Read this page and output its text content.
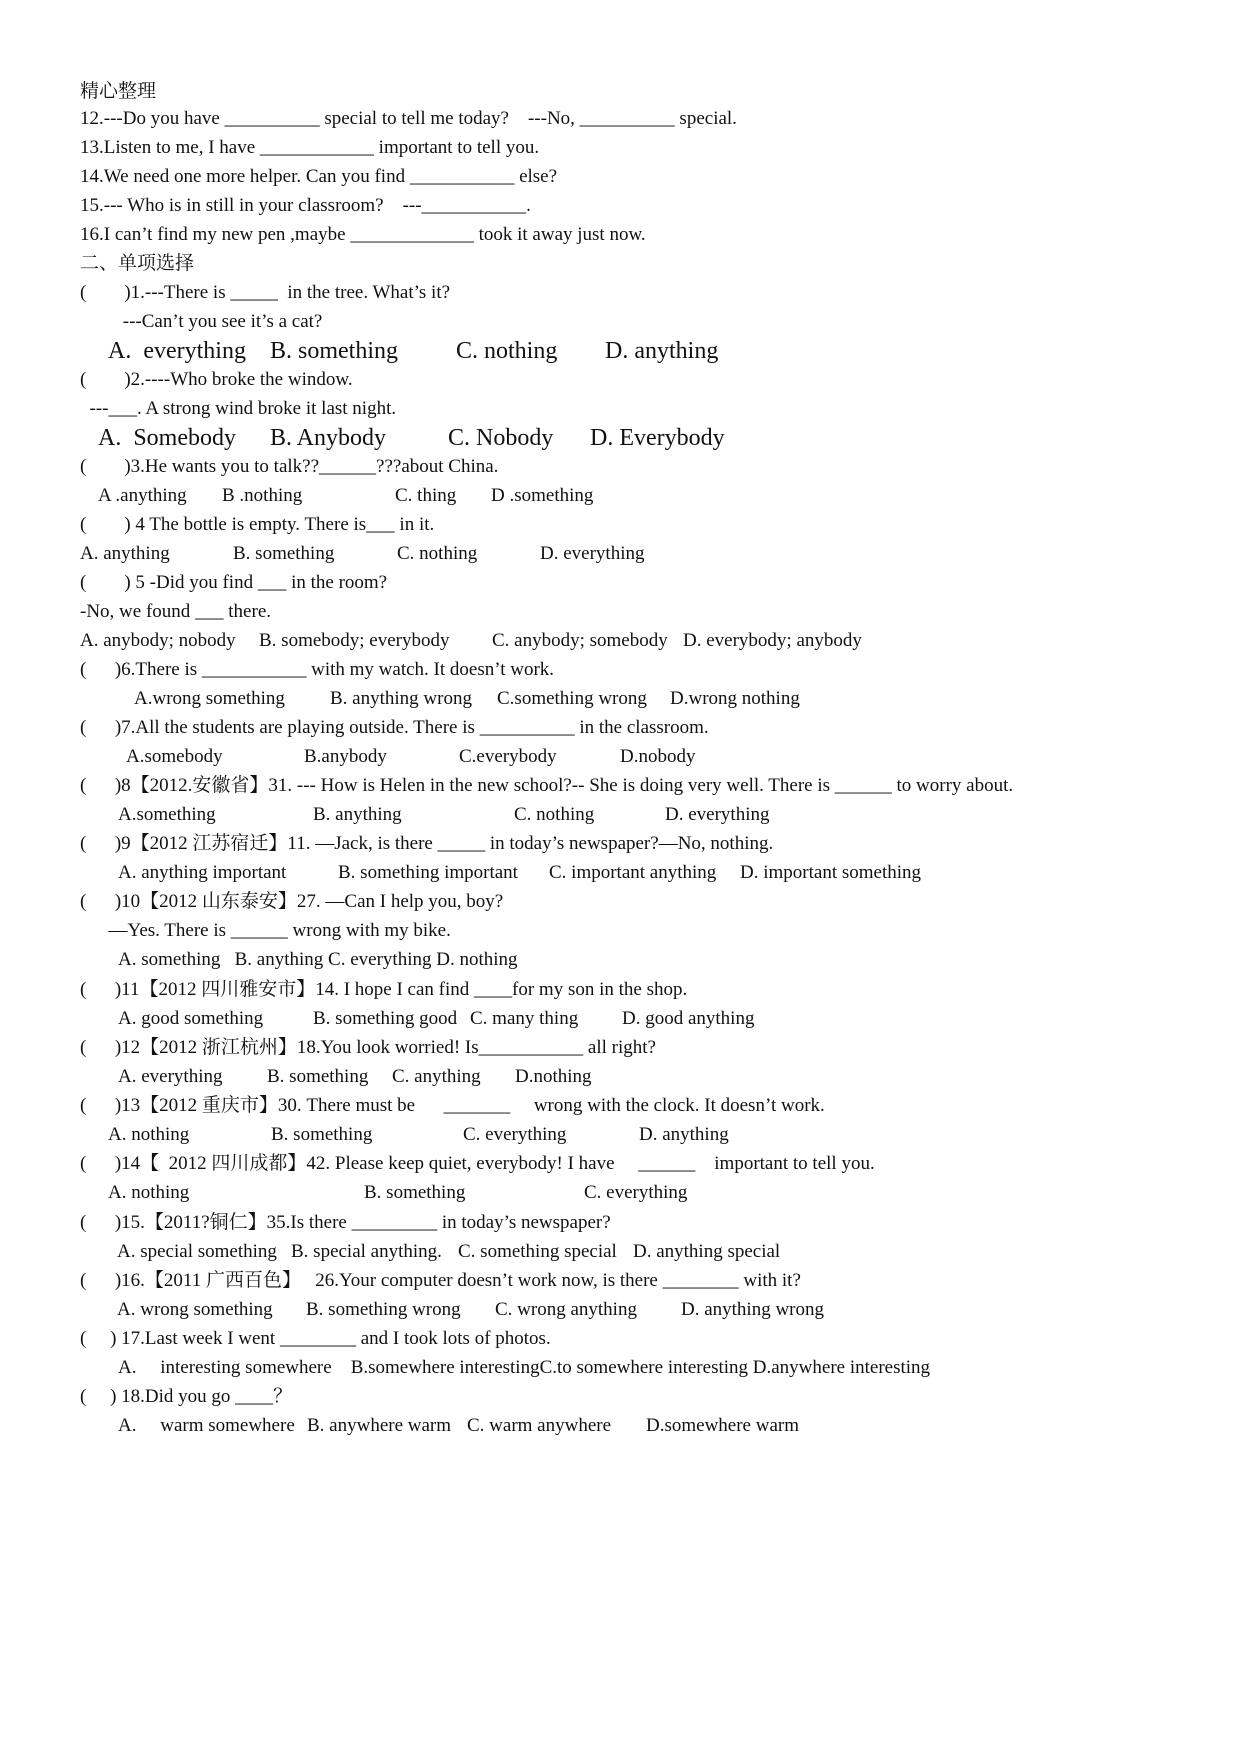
精心整理
12.---Do you have __________ special to tell me today?    ---No, __________ special.
13.Listen to me, I have ____________ important to tell you.
14.We need one more helper. Can you find ___________ else?
15.--- Who is in still in your classroom?    ---___________.
16.I can’t find my new pen ,maybe _____________ took it away just now.
二、单项选择
(        )1.---There is _____  in the tree. What’s it?
---Can’t you see it’s a cat?
A.  everything B. something C. nothing D. anything
(        )2.----Who broke the window.
---___. A strong wind broke it last night.
A.  Somebody B. Anybody	C. Nobody D. Everybody
(        )3.He wants you to talk??______???about China.
A .anything B .nothing	C. thing D .something
(        ) 4 The bottle is empty. There is___ in it.
A. anything	B. something	C. nothing	D. everything
(        ) 5 -Did you find ___ in the room?
-No, we found ___ there.
A. anybody; nobody B. somebody; everybody C. anybody; somebody D. everybody; anybody
(      )6.There is ___________ with my watch. It doesn’t work.
A.wrong something B. anything wrong C.something wrong D.wrong nothing
(      )7.All the students are playing outside. There is __________ in the classroom.
A.somebody	B.anybody	C.everybody	D.nobody
(      )8【2012.安徽省】31. --- How is Helen in the new school?-- She is doing very well. There is ______ to worry about.
A.something	B. anything	C. nothing	D. everything
(      )9【2012 江苏宿迁】11. —Jack, is there _____ in today’s newspaper?—No, nothing.
A. anything important	B. something important C. important anything D. important something
(      )10【2012 山东泰安】27. —Can I help you, boy?
—Yes. There is ______ wrong with my bike.
A. something   B. anything C. everything D. nothing
(      )11【2012 四川雅安市】14. I hope I can find ____for my son in the shop.
A. good something	B. something good C. many thing D. good anything
(      )12【2012 浙江杭州】18.You look worried! Is___________ all right?
A. everything B. something C. anything D.nothing
(      )13【2012 重庆市】30. There must be      _______     wrong with the clock. It doesn’t work.
A. nothing	B. something	C. everything	D. anything
(      )14【  2012 四川成都】42. Please keep quiet, everybody! I have     ______    important to tell you.
A. nothing	B. something	C. everything
(      )15.【2011?铜仁】35.Is there _________ in today’s newspaper?
A. special something B. special anything. C. something special D. anything special
(      )16.【2011 广西百色】   26.Your computer doesn’t work now, is there ________ with it?
A. wrong something B. something wrong C. wrong anything D. anything wrong
(     ) 17.Last week I went ________ and I took lots of photos.
A.     interesting somewhere    B.somewhere interestingC.to somewhere interesting D.anywhere interesting
(     ) 18.Did you go ____？
A.     warm somewhere B. anywhere warm C. warm anywhere D.somewhere warm
